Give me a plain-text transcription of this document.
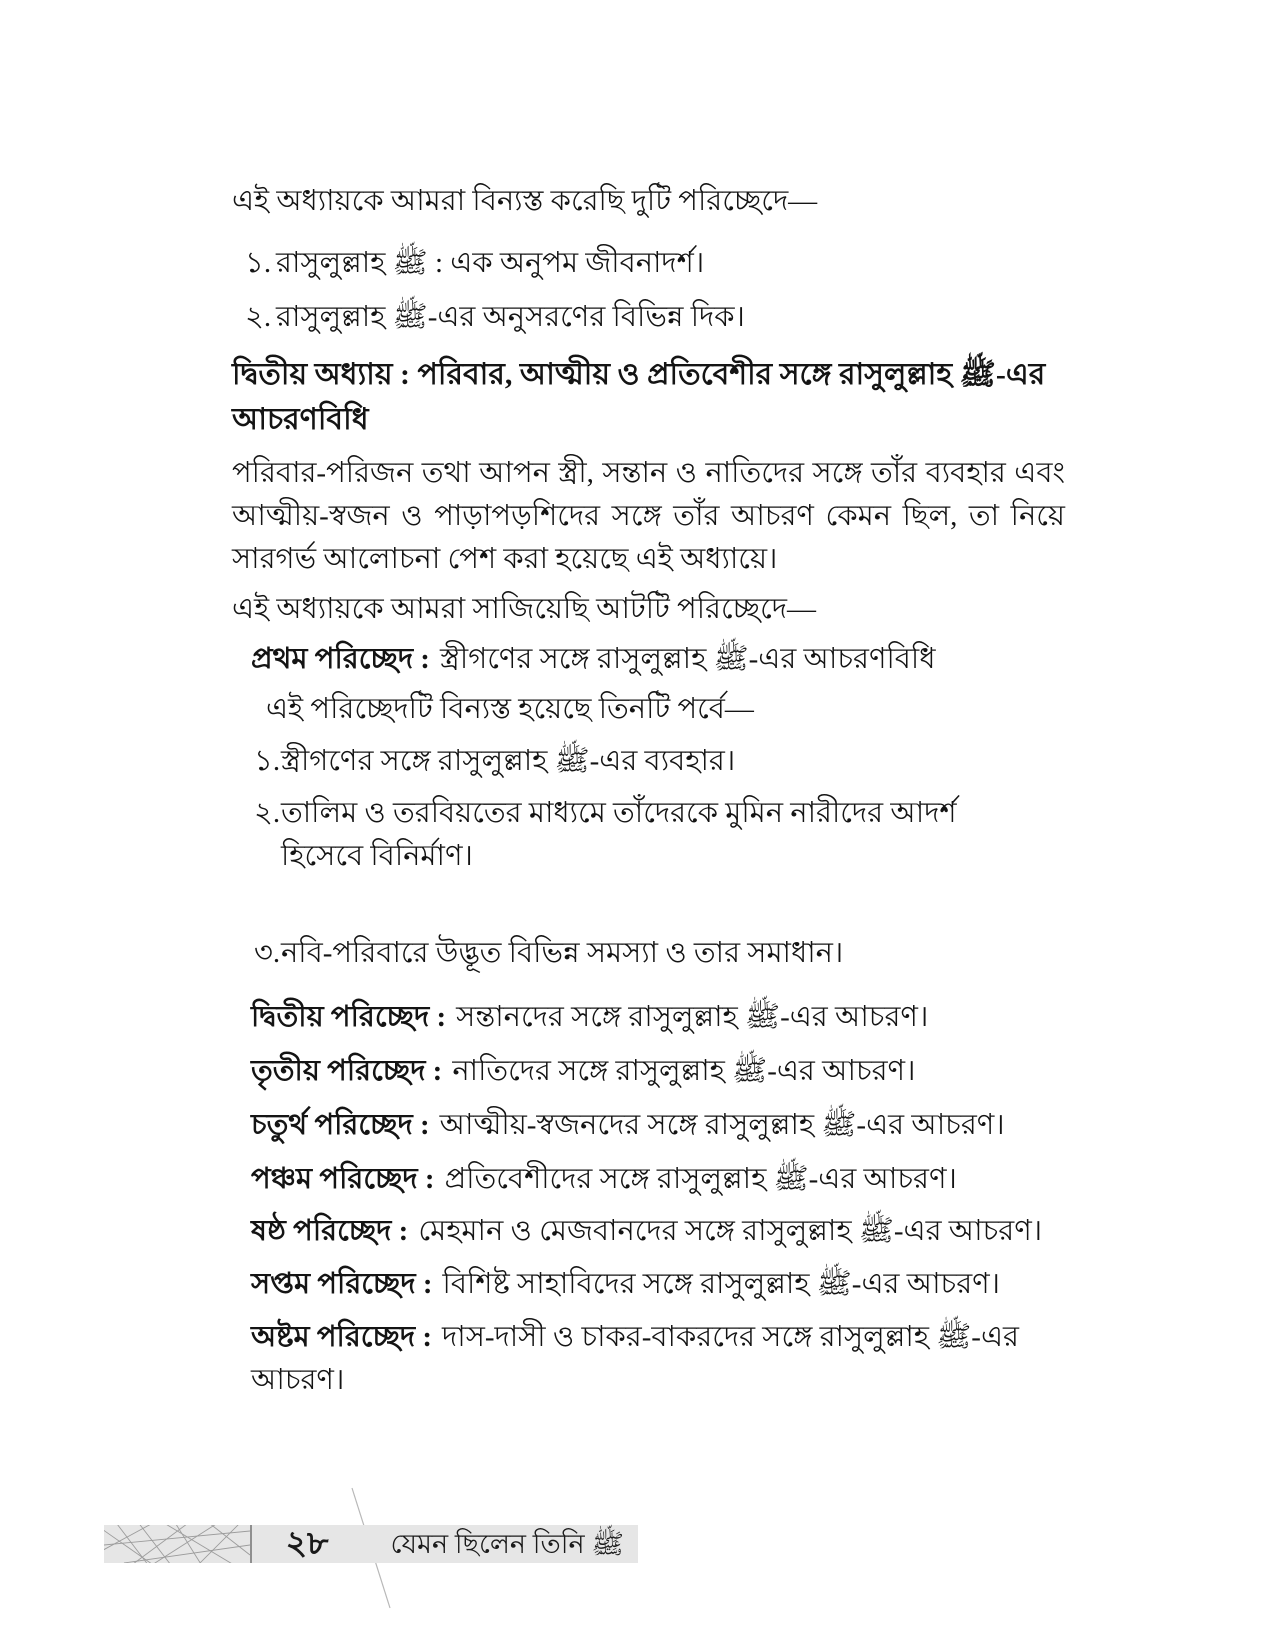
এই অধ্যায়কে আমরা বিন্যস্ত করেছি দুটি পরিচ্ছেদে—
১. রাসুলুল্লাহ ﷺ : এক অনুপম জীবনাদর্শ।
২. রাসুলুল্লাহ ﷺ-এর অনুসরণের বিভিন্ন দিক।
দ্বিতীয় অধ্যায় : পরিবার, আত্মীয় ও প্রতিবেশীর সঙ্গে রাসুলুল্লাহ ﷺ-এর আচরণবিধি
পরিবার-পরিজন তথা আপন স্ত্রী, সন্তান ও নাতিদের সঙ্গে তাঁর ব্যবহার এবং আত্মীয়-স্বজন ও পাড়াপড়শিদের সঙ্গে তাঁর আচরণ কেমন ছিল, তা নিয়ে সারগর্ভ আলোচনা পেশ করা হয়েছে এই অধ্যায়ে।
এই অধ্যায়কে আমরা সাজিয়েছি আটটি পরিচ্ছেদে—
প্রথম পরিচ্ছেদ : স্ত্রীগণের সঙ্গে রাসুলুল্লাহ ﷺ-এর আচরণবিধি
এই পরিচ্ছেদটি বিন্যস্ত হয়েছে তিনটি পর্বে—
১. স্ত্রীগণের সঙ্গে রাসুলুল্লাহ ﷺ-এর ব্যবহার।
২. তালিম ও তরবিয়তের মাধ্যমে তাঁদেরকে মুমিন নারীদের আদর্শ হিসেবে বিনির্মাণ।
৩. নবি-পরিবারে উদ্ভূত বিভিন্ন সমস্যা ও তার সমাধান।
দ্বিতীয় পরিচ্ছেদ : সন্তানদের সঙ্গে রাসুলুল্লাহ ﷺ-এর আচরণ।
তৃতীয় পরিচ্ছেদ : নাতিদের সঙ্গে রাসুলুল্লাহ ﷺ-এর আচরণ।
চতুর্থ পরিচ্ছেদ : আত্মীয়-স্বজনদের সঙ্গে রাসুলুল্লাহ ﷺ-এর আচরণ।
পঞ্চম পরিচ্ছেদ : প্রতিবেশীদের সঙ্গে রাসুলুল্লাহ ﷺ-এর আচরণ।
ষষ্ঠ পরিচ্ছেদ : মেহমান ও মেজবানদের সঙ্গে রাসুলুল্লাহ ﷺ-এর আচরণ।
সপ্তম পরিচ্ছেদ : বিশিষ্ট সাহাবিদের সঙ্গে রাসুলুল্লাহ ﷺ-এর আচরণ।
অষ্টম পরিচ্ছেদ : দাস-দাসী ও চাকর-বাকরদের সঙ্গে রাসুলুল্লাহ ﷺ-এর আচরণ।
২৮	যেমন ছিলেন তিনি ﷺ
